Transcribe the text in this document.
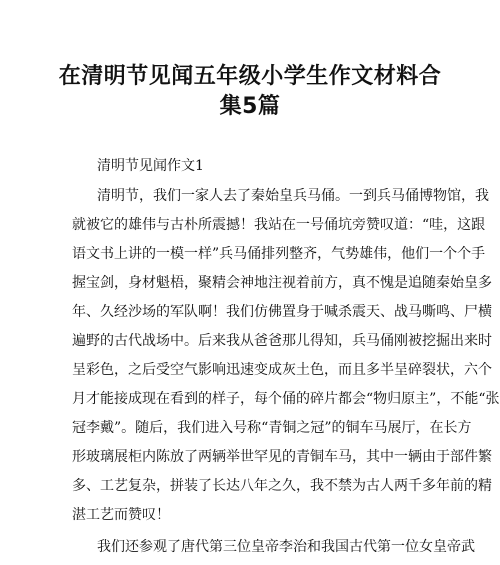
在清明节见闻五年级小学生作文材料合
集5篇

清明节见闻作文1

清明节，我们一家人去了秦始皇兵马俑。一到兵马俑博物馆，我

就被它的雄伟与古朴所震撼！我站在一号俑坑旁赞叹道：“哇，这跟

语文书上讲的一模一样”兵马俑排列整齐，气势雄伟，他们一个个手

握宝剑，身材魁梧，聚精会神地注视着前方，真不愧是追随秦始皇多

年、久经沙场的军队啊！我们仿佛置身于喊杀震天、战马嘶鸣、尸横

遍野的古代战场中。后来我从爸爸那儿得知，兵马俑刚被挖掘出来时

呈彩色，之后受空气影响迅速变成灰土色，而且多半呈碎裂状，六个

月才能接成现在看到的样子，每个俑的碎片都会“物归原主”，不能“张

冠李戴”。随后，我们进入号称“青铜之冠”的铜车马展厅，在长方

形玻璃展柜内陈放了两辆举世罕见的青铜车马，其中一辆由于部件繁

多、工艺复杂，拼装了长达八年之久，我不禁为古人两千多年前的精

湛工艺而赞叹！

我们还参观了唐代第三位皇帝李治和我国古代第一位女皇帝武
